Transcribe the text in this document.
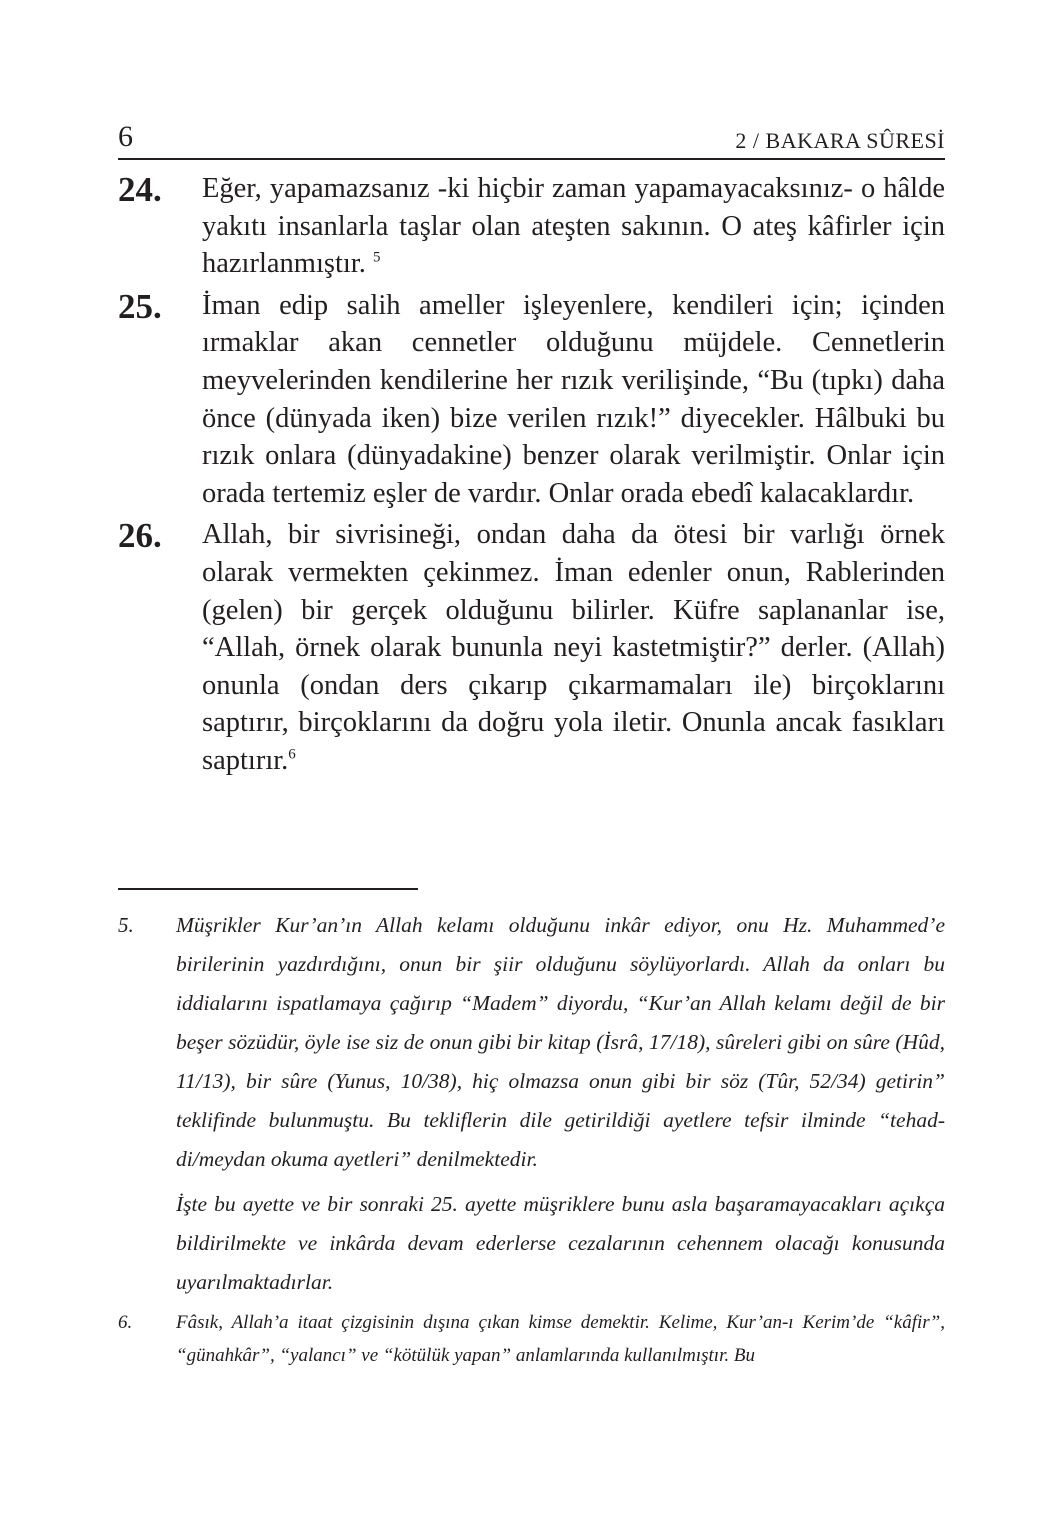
6	2 / BAKARA SÛRESİ
24. Eğer, yapamazsanız -ki hiçbir zaman yapamayacaksınız- o hâlde yakıtı insanlarla taşlar olan ateşten sakının. O ateş kâfirler için hazırlanmıştır. $^5$
25. İman edip salih ameller işleyenlere, kendileri için; içinden ırmaklar akan cennetler olduğunu müjdele. Cennetlerin meyvelerinden kendilerine her rızık verilişinde, “Bu (tıpkı) daha önce (dünyada iken) bize verilen rızık!” diyecekler. Hâlbuki bu rızık onlara (dünyadakine) benzer olarak verilmiştir. Onlar için orada tertemiz eşler de vardır. Onlar orada ebedî kalacaklardır.
26. Allah, bir sivrisineği, ondan daha da ötesi bir varlığı örnek olarak vermekten çekinmez. İman edenler onun, Rablerinden (gelen) bir gerçek olduğunu bilirler. Küfre saplananlar ise, “Allah, örnek olarak bununla neyi kastetmiştir?” derler. (Allah) onunla (ondan ders çıkarıp çıkarmamaları ile) birçoklarını saptırır, birçoklarını da doğru yola iletir. Onunla ancak fasıkları saptırır.$^6$
5. Müşrikler Kur’an’ın Allah kelamı olduğunu inkâr ediyor, onu Hz. Muhammed’e birilerinin yazdırdığını, onun bir şiir olduğunu söylüyorlardı. Allah da onları bu iddialarını ispatlamaya çağırıp “Madem” diyordu, “Kur’an Allah kelamı değil de bir beşer sözüdür, öyle ise siz de onun gibi bir kitap (İsrâ, 17/18), sûreleri gibi on sûre (Hûd, 11/13), bir sûre (Yunus, 10/38), hiç olmazsa onun gibi bir söz (Tûr, 52/34) getirin” teklifinde bulunmuştu. Bu tekliflerin dile getirildiği ayetlere tefsir ilminde “tehaddi/meydan okuma ayetleri” denilmektedir.

İşte bu ayette ve bir sonraki 25. ayette müşriklere bunu asla başaramayacakları açıkça bildirilmekte ve inkârda devam ederlerse cezalarının cehennem olacağı konusunda uyarılmaktadırlar.

6. Fâsık, Allah’a itaat çizgisinin dışına çıkan kimse demektir. Kelime, Kur’an-ı Kerim’de “kâfir”, “günahkâr”, “yalancı” ve “kötülük yapan” anlamlarında kullanılmıştır. Bu
